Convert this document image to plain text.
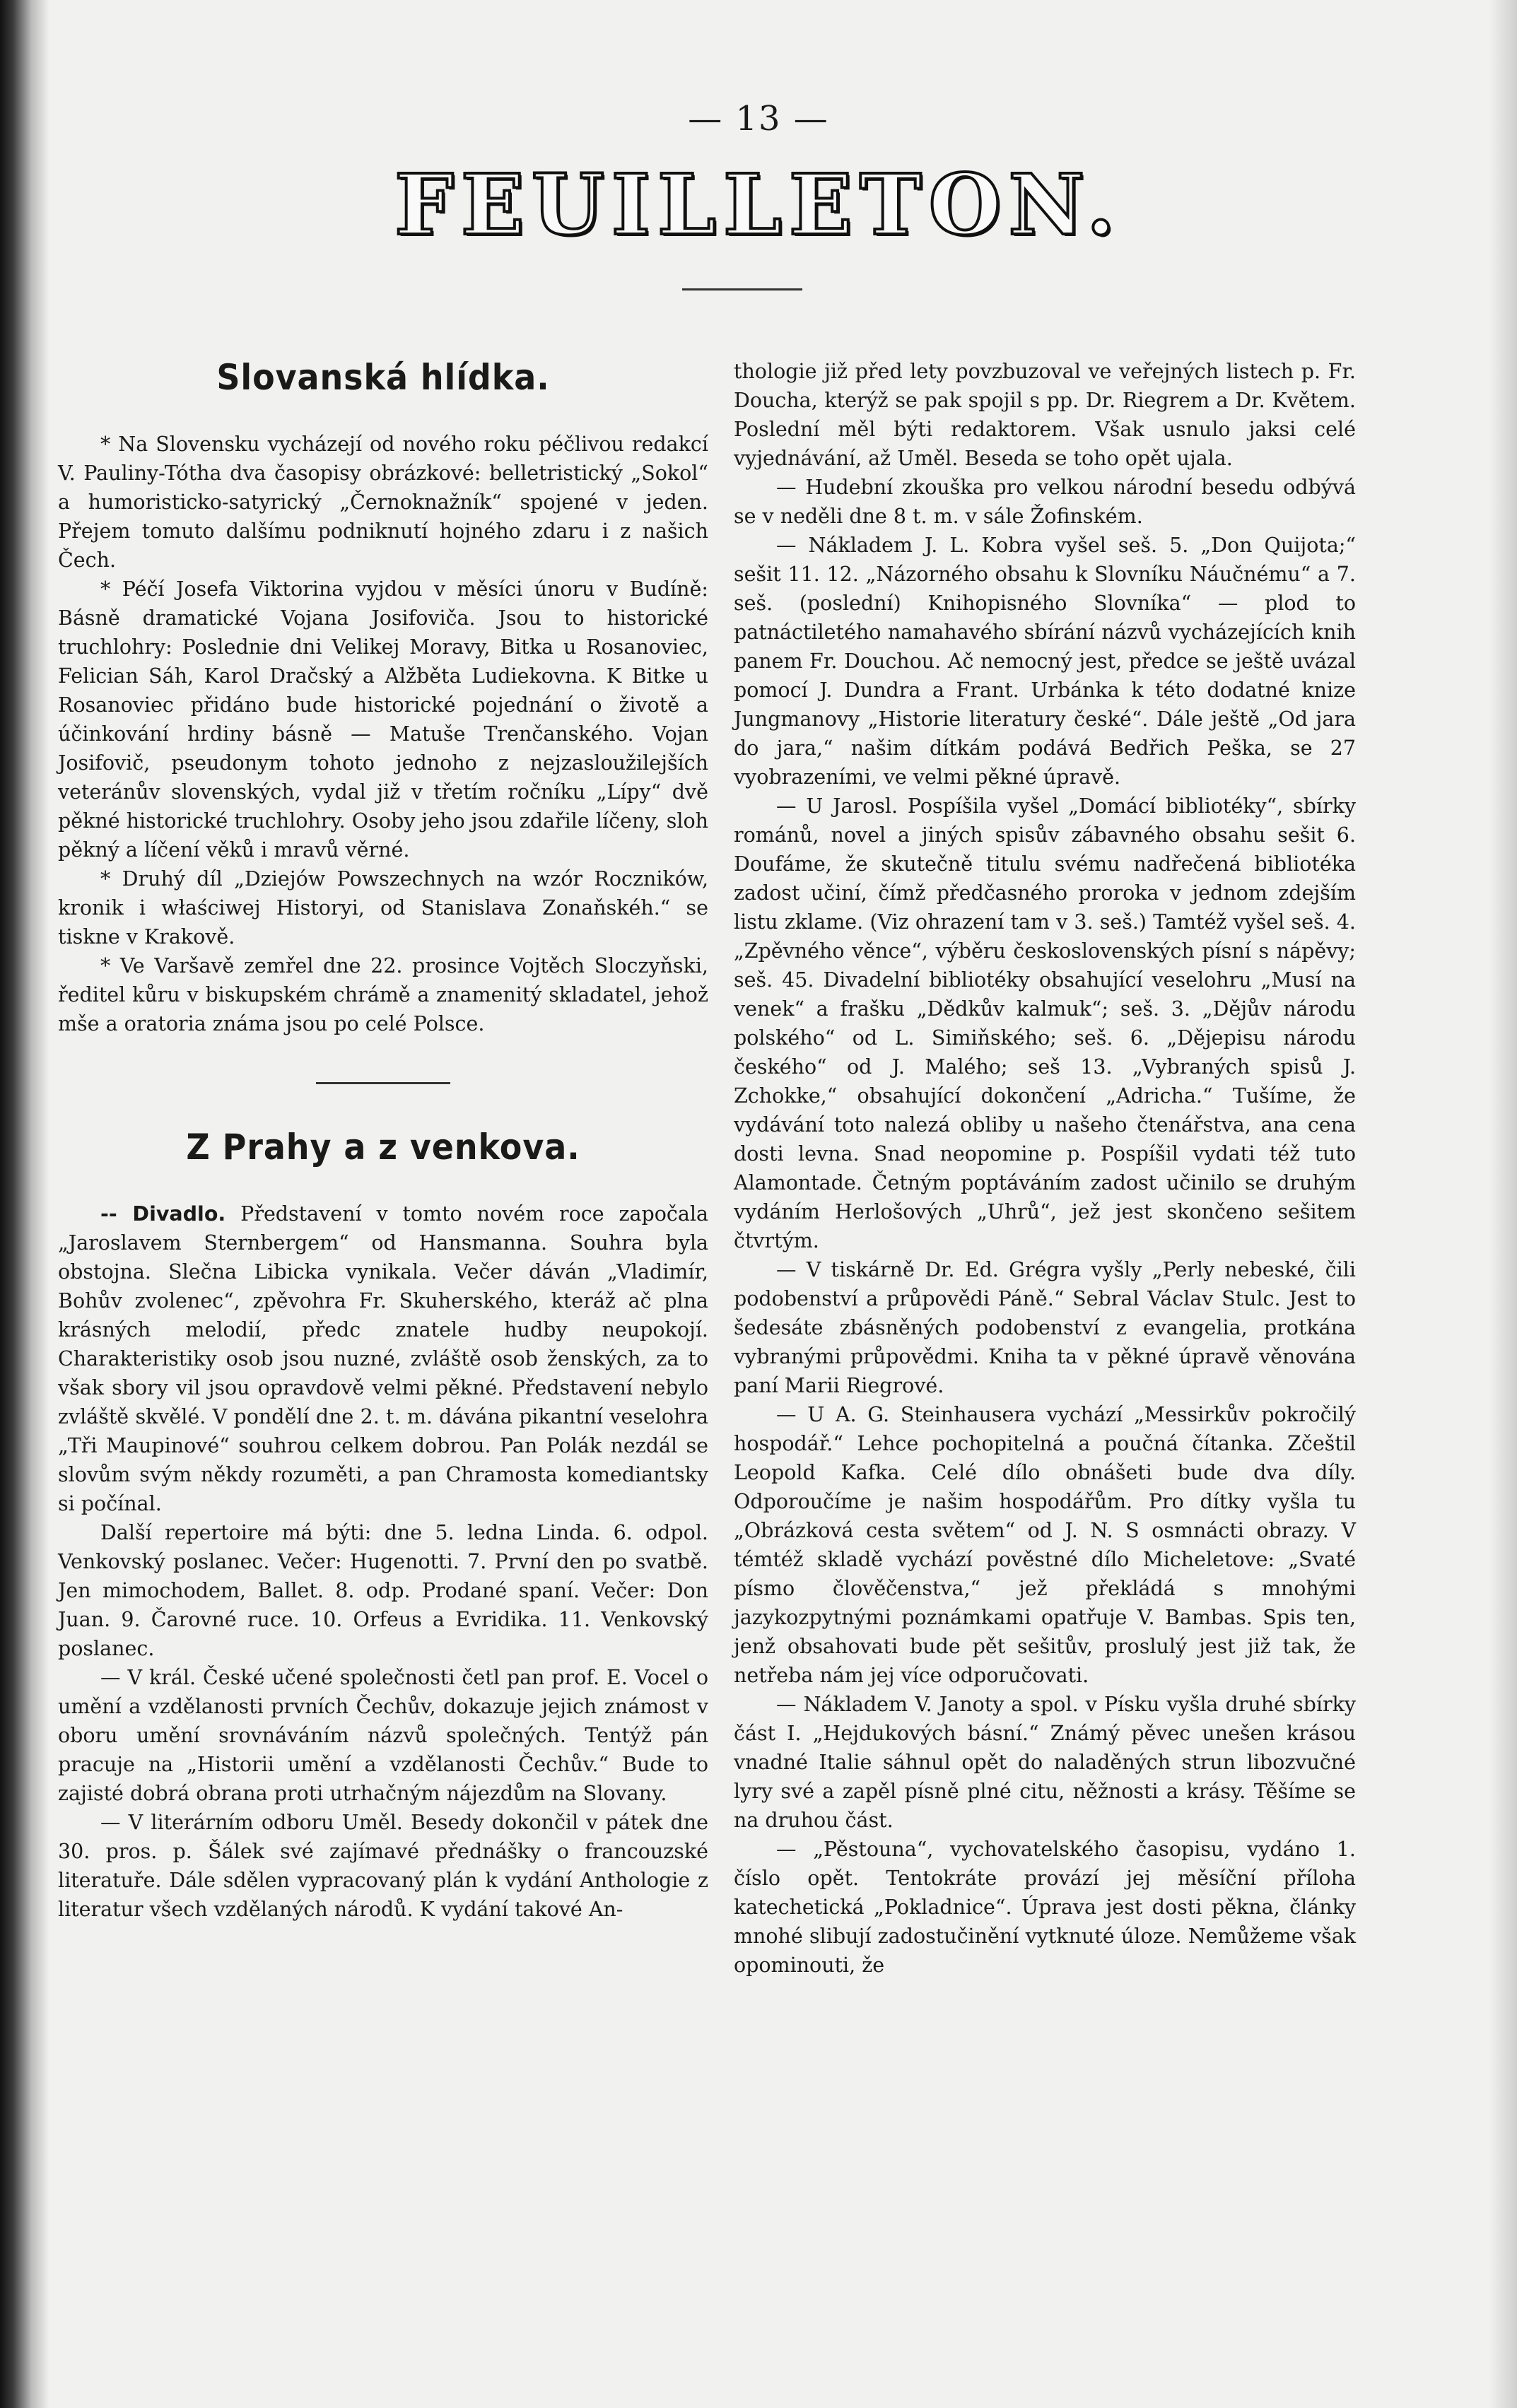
— 13 —
FEUILLETON.
Slovanská hlídka.

* Na Slovensku vycházejí od nového roku péčlivou redakcí V. Pauliny-Tótha dva časopisy obrázkové: belletristický „Sokol“ a humoristicko-satyrický „Černoknažník“ spojené v jeden. Přejem tomuto dalšímu podniknutí hojného zdaru i z našich Čech.

* Péčí Josefa Viktorina vyjdou v měsíci únoru v Budíně: Básně dramatické Vojana Josifoviča. Jsou to historické truchlohry: Poslednie dni Velikej Moravy, Bitka u Rosanoviec, Felician Sáh, Karol Dračský a Alžběta Ludiekovna. K Bitke u Rosanoviec přidáno bude historické pojednání o životě a účinkování hrdiny básně — Matuše Trenčanského. Vojan Josifovič, pseudonym tohoto jednoho z nejzasloužilejších veteránův slovenských, vydal již v třetím ročníku „Lípy“ dvě pěkné historické truchlohry. Osoby jeho jsou zdařile líčeny, sloh pěkný a líčení věků i mravů věrné.

* Druhý díl „Dziejów Powszechnych na wzór Roczników, kronik i właściwej Historyi, od Stanislava Zonaňskéh.“ se tiskne v Krakově.

* Ve Varšavě zemřel dne 22. prosince Vojtěch Sloczyňski, ředitel kůru v biskupském chrámě a znamenitý skladatel, jehož mše a oratoria známa jsou po celé Polsce.

Z Prahy a z venkova.

-- Divadlo. Představení v tomto novém roce započala „Jaroslavem Sternbergem“ od Hansmanna. Souhra byla obstojna. Slečna Libicka vynikala. Večer dáván „Vladimír, Bohův zvolenec“, zpěvohra Fr. Skuherského, kteráž ač plna krásných melodií, předc znatele hudby neupokojí. Charakteristiky osob jsou nuzné, zvláště osob ženských, za to však sbory vil jsou opravdově velmi pěkné. Představení nebylo zvláště skvělé. V pondělí dne 2. t. m. dávána pikantní veselohra „Tři Maupinové“ souhrou celkem dobrou. Pan Polák nezdál se slovům svým někdy rozuměti, a pan Chramosta komediantsky si počínal.

Další repertoire má býti: dne 5. ledna Linda. 6. odpol. Venkovský poslanec. Večer: Hugenotti. 7. První den po svatbě. Jen mimochodem, Ballet. 8. odp. Prodané spaní. Večer: Don Juan. 9. Čarovné ruce. 10. Orfeus a Evridika. 11. Venkovský poslanec.

— V král. České učené společnosti četl pan prof. E. Vocel o umění a vzdělanosti prvních Čechův, dokazuje jejich známost v oboru umění srovnáváním názvů společných. Tentýž pán pracuje na „Historii umění a vzdělanosti Čechův.“ Bude to zajisté dobrá obrana proti utrhačným nájezdům na Slovany.

— V literárním odboru Uměl. Besedy dokončil v pátek dne 30. pros. p. Šálek své zajímavé přednášky o francouzské literatuře. Dále sdělen vypracovaný plán k vydání Anthologie z literatur všech vzdělaných národů. K vydání takové An-

thologie již před lety povzbuzoval ve veřejných listech p. Fr. Doucha, kterýž se pak spojil s pp. Dr. Riegrem a Dr. Květem. Poslední měl býti redaktorem. Však usnulo jaksi celé vyjednávání, až Uměl. Beseda se toho opět ujala.

— Hudební zkouška pro velkou národní besedu odbývá se v neděli dne 8 t. m. v sále Žofinském.

— Nákladem J. L. Kobra vyšel seš. 5. „Don Quijota;“ sešit 11. 12. „Názorného obsahu k Slovníku Náučnému“ a 7. seš. (poslední) Knihopisného Slovníka“ — plod to patnáctiletého namahavého sbírání názvů vycházejících knih panem Fr. Douchou. Ač nemocný jest, předce se ještě uvázal pomocí J. Dundra a Frant. Urbánka k této dodatné knize Jungmanovy „Historie literatury české“. Dále ještě „Od jara do jara,“ našim dítkám podává Bedřich Peška, se 27 vyobrazeními, ve velmi pěkné úpravě.

— U Jarosl. Pospíšila vyšel „Domácí bibliotéky“, sbírky románů, novel a jiných spisův zábavného obsahu sešit 6. Doufáme, že skutečně titulu svému nadřečená bibliotéka zadost učiní, čímž předčasného proroka v jednom zdejším listu zklame. (Viz ohrazení tam v 3. seš.) Tamtéž vyšel seš. 4. „Zpěvného věnce“, výběru československých písní s nápěvy; seš. 45. Divadelní bibliotéky obsahující veselohru „Musí na venek“ a frašku „Dědkův kalmuk“; seš. 3. „Dějův národu polského“ od L. Simiňského; seš. 6. „Dějepisu národu českého“ od J. Malého; seš 13. „Vybraných spisů J. Zchokke,“ obsahující dokončení „Adricha.“ Tušíme, že vydávání toto nalezá obliby u našeho čtenářstva, ana cena dosti levna. Snad neopomine p. Pospíšil vydati též tuto Alamontade. Četným poptáváním zadost učinilo se druhým vydáním Herlošových „Uhrů“, jež jest skončeno sešitem čtvrtým.

— V tiskárně Dr. Ed. Grégra vyšly „Perly nebeské, čili podobenství a průpovědi Páně.“ Sebral Václav Stulc. Jest to šedesáte zbásněných podobenství z evangelia, protkána vybranými průpovědmi. Kniha ta v pěkné úpravě věnována paní Marii Riegrové.

— U A. G. Steinhausera vychází „Messirkův pokročilý hospodář.“ Lehce pochopitelná a poučná čítanka. Zčeštil Leopold Kafka. Celé dílo obnášeti bude dva díly. Odporoučíme je našim hospodářům. Pro dítky vyšla tu „Obrázková cesta světem“ od J. N. S osmnácti obrazy. V témtéž skladě vychází pověstné dílo Micheletove: „Svaté písmo člověčenstva,“ jež překládá s mnohými jazykozpytnými poznámkami opatřuje V. Bambas. Spis ten, jenž obsahovati bude pět sešitův, proslulý jest již tak, že netřeba nám jej více odporučovati.

— Nákladem V. Janoty a spol. v Písku vyšla druhé sbírky část I. „Hejdukových básní.“ Známý pěvec unešen krásou vnadné Italie sáhnul opět do naladěných strun libozvučné lyry své a zapěl písně plné citu, něžnosti a krásy. Těšíme se na druhou část.

— „Pěstouna“, vychovatelského časopisu, vydáno 1. číslo opět. Tentokráte provází jej měsíční příloha katechetická „Pokladnice“. Úprava jest dosti pěkna, články mnohé slibují zadostučinění vytknuté úloze. Nemůžeme však opominouti, že
